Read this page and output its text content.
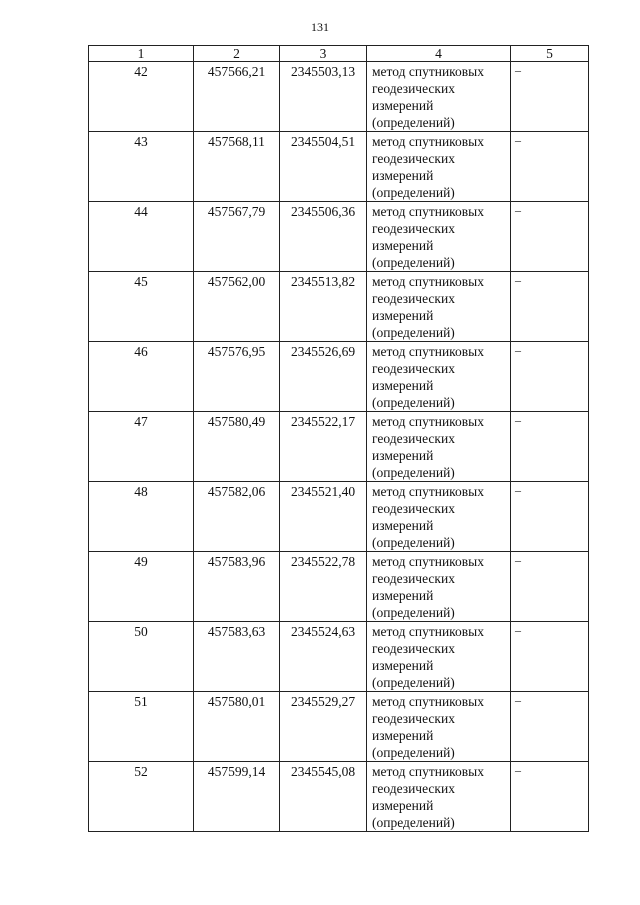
131
1	2	3	4	5
42	457566,21	2345503,13	метод спутниковых
геодезических
измерений
(определений)	–
43	457568,11	2345504,51	метод спутниковых
геодезических
измерений
(определений)	–
44	457567,79	2345506,36	метод спутниковых
геодезических
измерений
(определений)	–
45	457562,00	2345513,82	метод спутниковых
геодезических
измерений
(определений)	–
46	457576,95	2345526,69	метод спутниковых
геодезических
измерений
(определений)	–
47	457580,49	2345522,17	метод спутниковых
геодезических
измерений
(определений)	–
48	457582,06	2345521,40	метод спутниковых
геодезических
измерений
(определений)	–
49	457583,96	2345522,78	метод спутниковых
геодезических
измерений
(определений)	–
50	457583,63	2345524,63	метод спутниковых
геодезических
измерений
(определений)	–
51	457580,01	2345529,27	метод спутниковых
геодезических
измерений
(определений)	–
52	457599,14	2345545,08	метод спутниковых
геодезических
измерений
(определений)	–
